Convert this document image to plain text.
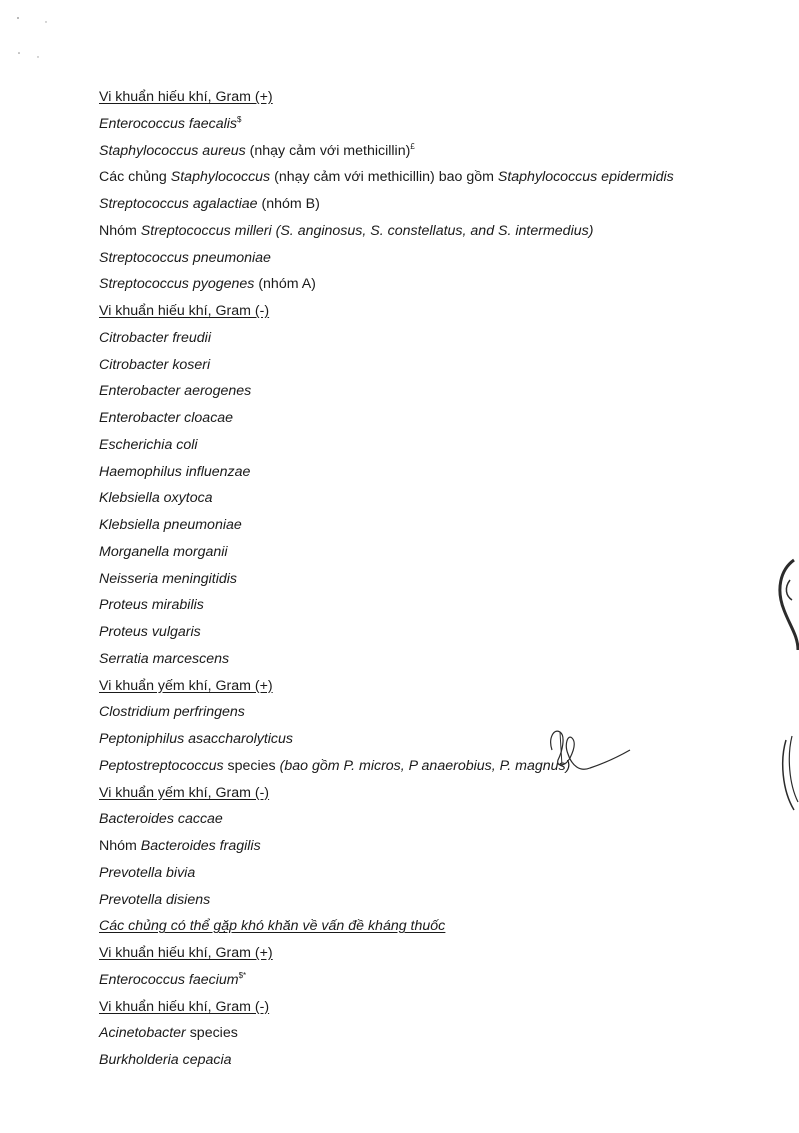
Vi khuẩn hiếu khí, Gram (+)
Enterococcus faecalis$
Staphylococcus aureus (nhạy cảm với methicillin)£
Các chủng Staphylococcus (nhạy cảm với methicillin) bao gồm Staphylococcus epidermidis
Streptococcus agalactiae (nhóm B)
Nhóm Streptococcus milleri (S. anginosus, S. constellatus, and S. intermedius)
Streptococcus pneumoniae
Streptococcus pyogenes (nhóm A)
Vi khuẩn hiếu khí, Gram (-)
Citrobacter freudii
Citrobacter koseri
Enterobacter aerogenes
Enterobacter cloacae
Escherichia coli
Haemophilus influenzae
Klebsiella oxytoca
Klebsiella pneumoniae
Morganella morganii
Neisseria meningitidis
Proteus mirabilis
Proteus vulgaris
Serratia marcescens
Vi khuẩn yếm khí, Gram (+)
Clostridium perfringens
Peptoniphilus asaccharolyticus
Peptostreptococcus species (bao gồm P. micros, P anaerobius, P. magnus)
Vi khuẩn yếm khí, Gram (-)
Bacteroides caccae
Nhóm Bacteroides fragilis
Prevotella bivia
Prevotella disiens
Các chủng có thể gặp khó khăn về vấn đề kháng thuốc
Vi khuẩn hiếu khí, Gram (+)
Enterococcus faecium$*
Vi khuẩn hiếu khí, Gram (-)
Acinetobacter species
Burkholderia cepacia
